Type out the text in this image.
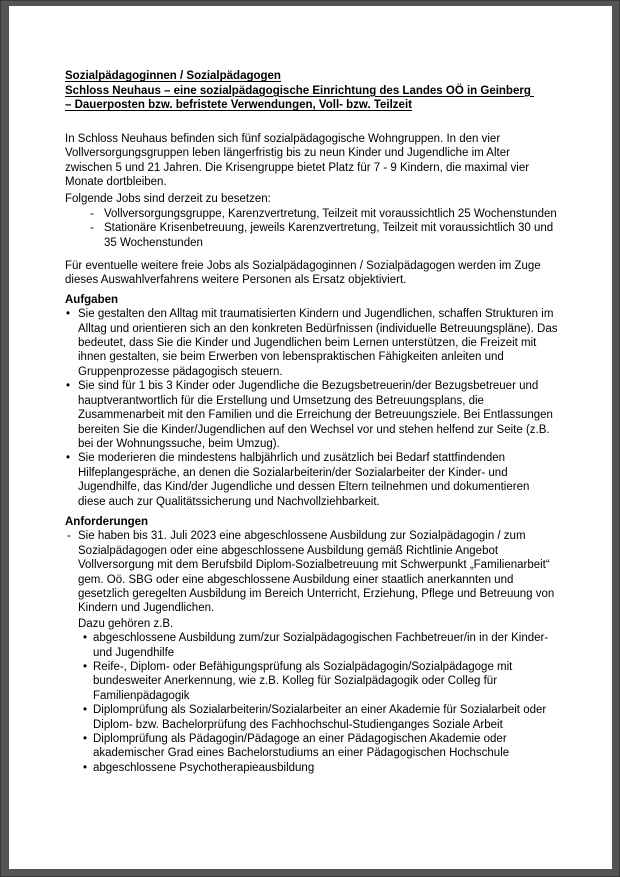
Sozialpädagoginnen / Sozialpädagogen
Schloss Neuhaus – eine sozialpädagogische Einrichtung des Landes OÖ in Geinberg
– Dauerposten bzw. befristete Verwendungen, Voll- bzw. Teilzeit

In Schloss Neuhaus befinden sich fünf sozialpädagogische Wohngruppen. In den vier Vollversorgungsgruppen leben längerfristig bis zu neun Kinder und Jugendliche im Alter zwischen 5 und 21 Jahren. Die Krisengruppe bietet Platz für 7 - 9 Kindern, die maximal vier Monate dortbleiben.

Folgende Jobs sind derzeit zu besetzen:

- Vollversorgungsgruppe, Karenzvertretung, Teilzeit mit voraussichtlich 25 Wochenstunden
- Stationäre Krisenbetreuung, jeweils Karenzvertretung, Teilzeit mit voraussichtlich 30 und 35 Wochenstunden

Für eventuelle weitere freie Jobs als Sozialpädagoginnen / Sozialpädagogen werden im Zuge dieses Auswahlverfahrens weitere Personen als Ersatz objektiviert.

Aufgaben
• Sie gestalten den Alltag mit traumatisierten Kindern und Jugendlichen, schaffen Strukturen im Alltag und orientieren sich an den konkreten Bedürfnissen (individuelle Betreuungspläne). Das bedeutet, dass Sie die Kinder und Jugendlichen beim Lernen unterstützen, die Freizeit mit ihnen gestalten, sie beim Erwerben von lebenspraktischen Fähigkeiten anleiten und Gruppenprozesse pädagogisch steuern.
• Sie sind für 1 bis 3 Kinder oder Jugendliche die Bezugsbetreuerin/der Bezugsbetreuer und hauptverantwortlich für die Erstellung und Umsetzung des Betreuungsplans, die Zusammenarbeit mit den Familien und die Erreichung der Betreuungsziele. Bei Entlassungen bereiten Sie die Kinder/Jugendlichen auf den Wechsel vor und stehen helfend zur Seite (z.B. bei der Wohnungssuche, beim Umzug).
• Sie moderieren die mindestens halbjährlich und zusätzlich bei Bedarf stattfindenden Hilfeplangespräche, an denen die Sozialarbeiterin/der Sozialarbeiter der Kinder- und Jugendhilfe, das Kind/der Jugendliche und dessen Eltern teilnehmen und dokumentieren diese auch zur Qualitätssicherung und Nachvollziehbarkeit.
Anforderungen
- Sie haben bis 31. Juli 2023 eine abgeschlossene Ausbildung zur Sozialpädagogin / zum Sozialpädagogen oder eine abgeschlossene Ausbildung gemäß Richtlinie Angebot Vollversorgung mit dem Berufsbild Diplom-Sozialbetreuung mit Schwerpunkt „Familienarbeit“ gem. Oö. SBG oder eine abgeschlossene Ausbildung einer staatlich anerkannten und gesetzlich geregelten Ausbildung im Bereich Unterricht, Erziehung, Pflege und Betreuung von Kindern und Jugendlichen.

Dazu gehören z.B.

• abgeschlossene Ausbildung zum/zur Sozialpädagogischen Fachbetreuer/in in der Kinder- und Jugendhilfe
• Reife-, Diplom- oder Befähigungsprüfung als Sozialpädagogin/Sozialpädagoge mit bundesweiter Anerkennung, wie z.B. Kolleg für Sozialpädagogik oder Colleg für Familienpädagogik
• Diplomprüfung als Sozialarbeiterin/Sozialarbeiter an einer Akademie für Sozialarbeit oder Diplom- bzw. Bachelorprüfung des Fachhochschul-Studienganges Soziale Arbeit
• Diplomprüfung als Pädagogin/Pädagoge an einer Pädagogischen Akademie oder akademischer Grad eines Bachelorstudiums an einer Pädagogischen Hochschule
• abgeschlossene Psychotherapieausbildung
